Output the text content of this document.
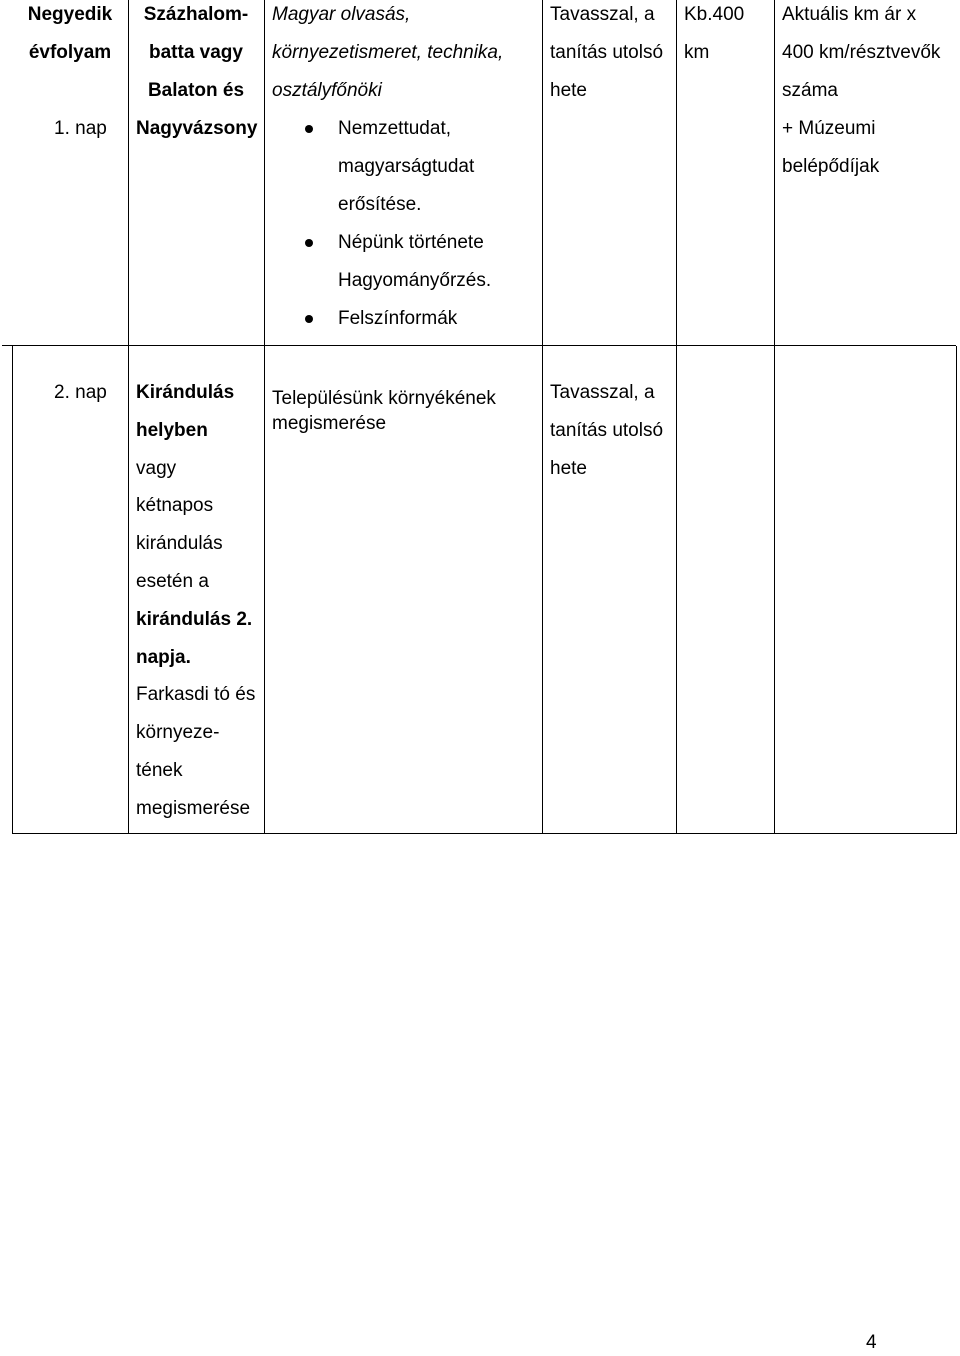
Negyedik
évfolyam
1. nap
Százhalom-
batta vagy
Balaton és
Nagyvázsony
Magyar olvasás,
környezetismeret, technika,
osztályfőnöki
Nemzettudat,
magyarságtudat
erősítése.
Népünk története
Hagyományőrzés.
Felszínformák
Tavasszal, a
tanítás utolsó
hete
Kb.400
km
Aktuális km ár x
400 km/résztvevők
száma
+ Múzeumi
belépődíjak
2. nap	Kirándulás
helyben
vagy
kétnapos
kirándulás
esetén a
kirándulás 2.
napja.
Farkasdi tó és
környeze-
tének
megismerése
Településünk környékének
megismerése
Tavasszal, a
tanítás utolsó
hete
4
